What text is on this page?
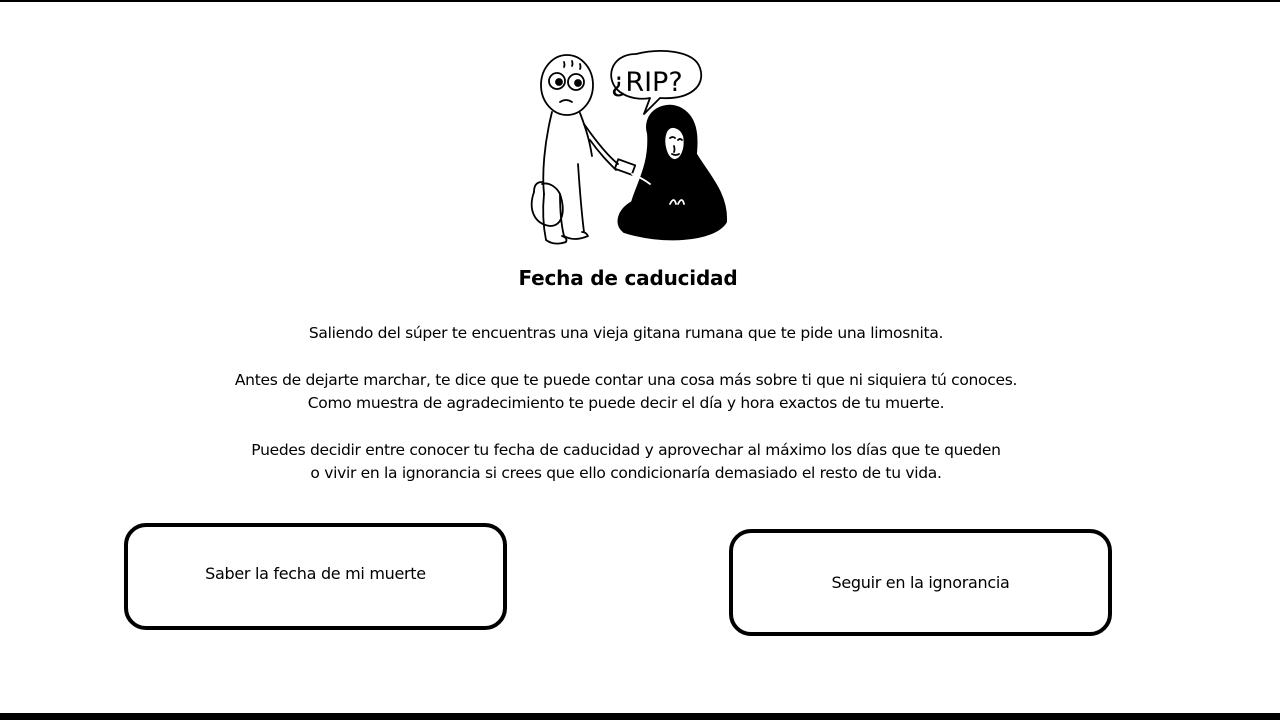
¿RIP?
Fecha de caducidad
Saliendo del súper te encuentras una vieja gitana rumana que te pide una limosnita.
Antes de dejarte marchar, te dice que te puede contar una cosa más sobre ti que ni siquiera tú conoces.
Como muestra de agradecimiento te puede decir el día y hora exactos de tu muerte.
Puedes decidir entre conocer tu fecha de caducidad y aprovechar al máximo los días que te queden
o vivir en la ignorancia si crees que ello condicionaría demasiado el resto de tu vida.
Saber la fecha de mi muerte	Seguir en la ignorancia
